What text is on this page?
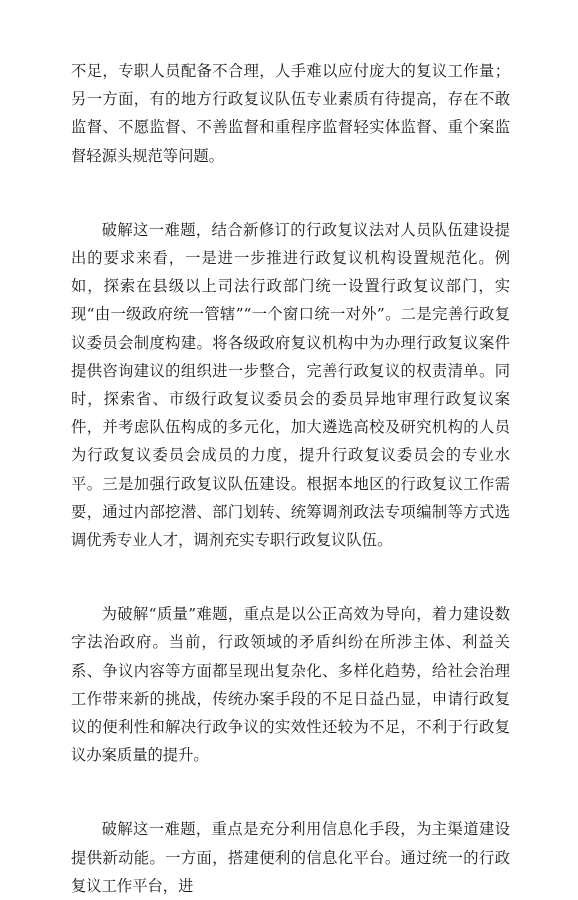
不足，专职人员配备不合理，人手难以应付庞大的复议工作量；另一方面，有的地方行政复议队伍专业素质有待提高，存在不敢监督、不愿监督、不善监督和重程序监督轻实体监督、重个案监督轻源头规范等问题。

破解这一难题，结合新修订的行政复议法对人员队伍建设提出的要求来看，一是进一步推进行政复议机构设置规范化。例如，探索在县级以上司法行政部门统一设置行政复议部门，实现“由一级政府统一管辖”“一个窗口统一对外”。二是完善行政复议委员会制度构建。将各级政府复议机构中为办理行政复议案件提供咨询建议的组织进一步整合，完善行政复议的权责清单。同时，探索省、市级行政复议委员会的委员异地审理行政复议案件，并考虑队伍构成的多元化，加大遴选高校及研究机构的人员为行政复议委员会成员的力度，提升行政复议委员会的专业水平。三是加强行政复议队伍建设。根据本地区的行政复议工作需要，通过内部挖潜、部门划转、统筹调剂政法专项编制等方式选调优秀专业人才，调剂充实专职行政复议队伍。

为破解“质量”难题，重点是以公正高效为导向，着力建设数字法治政府。当前，行政领域的矛盾纠纷在所涉主体、利益关系、争议内容等方面都呈现出复杂化、多样化趋势，给社会治理工作带来新的挑战，传统办案手段的不足日益凸显，申请行政复议的便利性和解决行政争议的实效性还较为不足，不利于行政复议办案质量的提升。

破解这一难题，重点是充分利用信息化手段，为主渠道建设提供新动能。一方面，搭建便利的信息化平台。通过统一的行政复议工作平台，进
